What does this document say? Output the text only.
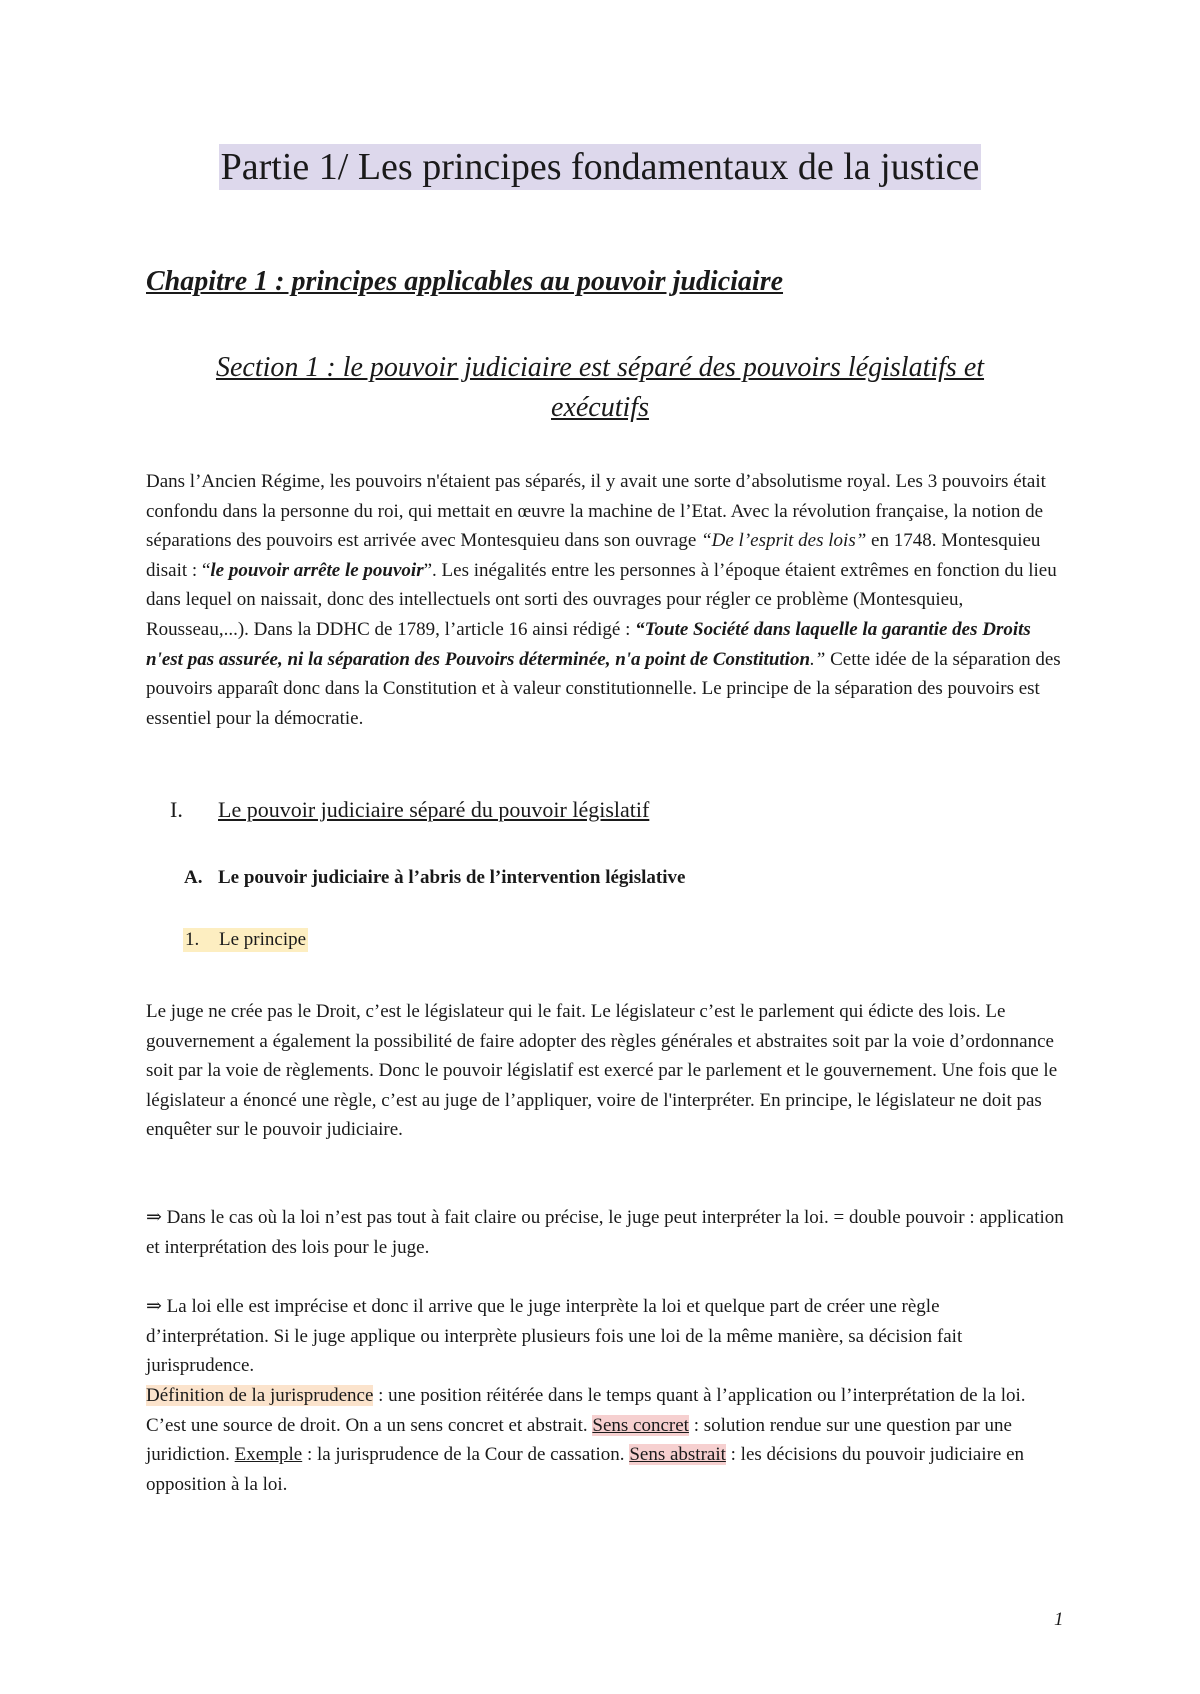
Partie 1/ Les principes fondamentaux de la justice
Chapitre 1 : principes applicables au pouvoir judiciaire
Section 1 : le pouvoir judiciaire est séparé des pouvoirs législatifs et exécutifs
Dans l’Ancien Régime, les pouvoirs n'étaient pas séparés, il y avait une sorte d’absolutisme royal. Les 3 pouvoirs était confondu dans la personne du roi, qui mettait en œuvre la machine de l’Etat. Avec la révolution française, la notion de séparations des pouvoirs est arrivée avec Montesquieu dans son ouvrage “De l’esprit des lois” en 1748. Montesquieu disait : “le pouvoir arrête le pouvoir”. Les inégalités entre les personnes à l’époque étaient extrêmes en fonction du lieu dans lequel on naissait, donc des intellectuels ont sorti des ouvrages pour régler ce problème (Montesquieu, Rousseau,...). Dans la DDHC de 1789, l’article 16 ainsi rédigé : “Toute Société dans laquelle la garantie des Droits n'est pas assurée, ni la séparation des Pouvoirs déterminée, n'a point de Constitution.” Cette idée de la séparation des pouvoirs apparaît donc dans la Constitution et à valeur constitutionnelle. Le principe de la séparation des pouvoirs est essentiel pour la démocratie.
I. Le pouvoir judiciaire séparé du pouvoir législatif
A. Le pouvoir judiciaire à l’abris de l’intervention législative
1. Le principe
Le juge ne crée pas le Droit, c’est le législateur qui le fait. Le législateur c’est le parlement qui édicte des lois. Le gouvernement a également la possibilité de faire adopter des règles générales et abstraites soit par la voie d’ordonnance soit par la voie de règlements. Donc le pouvoir législatif est exercé par le parlement et le gouvernement. Une fois que le législateur a énoncé une règle, c’est au juge de l’appliquer, voire de l'interpréter. En principe, le législateur ne doit pas enquêter sur le pouvoir judiciaire.
⇒ Dans le cas où la loi n’est pas tout à fait claire ou précise, le juge peut interpréter la loi. = double pouvoir : application et interprétation des lois pour le juge.
⇒ La loi elle est imprécise et donc il arrive que le juge interprète la loi et quelque part de créer une règle d’interprétation. Si le juge applique ou interprète plusieurs fois une loi de la même manière, sa décision fait jurisprudence.
Définition de la jurisprudence : une position réitérée dans le temps quant à l’application ou l’interprétation de la loi. C’est une source de droit. On a un sens concret et abstrait. Sens concret : solution rendue sur une question par une juridiction. Exemple : la jurisprudence de la Cour de cassation. Sens abstrait : les décisions du pouvoir judiciaire en opposition à la loi.
1
